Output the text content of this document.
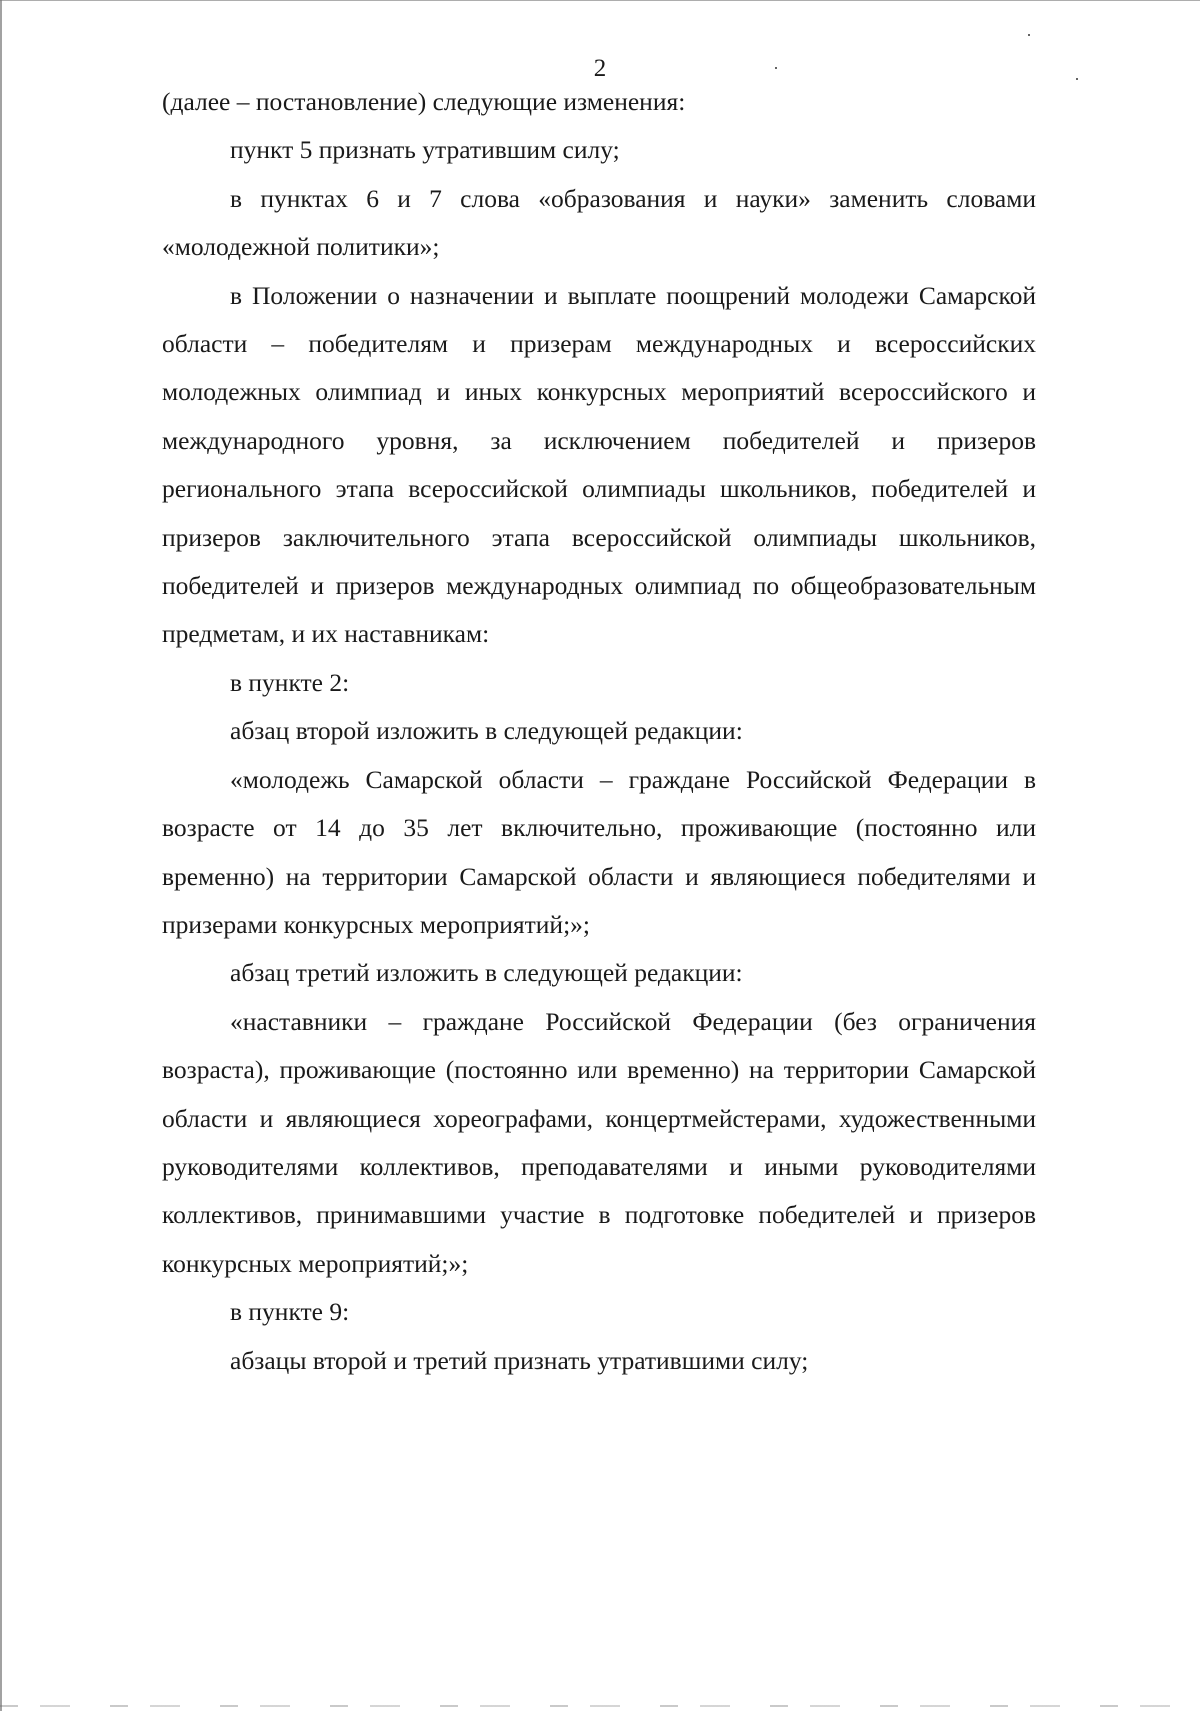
2

(далее – постановление) следующие изменения:

пункт 5 признать утратившим силу;

в пунктах 6 и 7 слова «образования и науки» заменить словами «молодежной политики»;

в Положении о назначении и выплате поощрений молодежи Самарской области – победителям и призерам международных и всероссийских молодежных олимпиад и иных конкурсных мероприятий всероссийского и международного уровня, за исключением победителей и призеров регионального этапа всероссийской олимпиады школьников, победителей и призеров заключительного этапа всероссийской олимпиады школьников, победителей и призеров международных олимпиад по общеобразовательным предметам, и их наставникам:

в пункте 2:

абзац второй изложить в следующей редакции:

«молодежь Самарской области – граждане Российской Федерации в возрасте от 14 до 35 лет включительно, проживающие (постоянно или временно) на территории Самарской области и являющиеся победителями и призерами конкурсных мероприятий;»;

абзац третий изложить в следующей редакции:

«наставники – граждане Российской Федерации (без ограничения возраста), проживающие (постоянно или временно) на территории Самарской области и являющиеся хореографами, концертмейстерами, художественными руководителями коллективов, преподавателями и иными руководителями коллективов, принимавшими участие в подготовке победителей и призеров конкурсных мероприятий;»;

в пункте 9:

абзацы второй и третий признать утратившими силу;
